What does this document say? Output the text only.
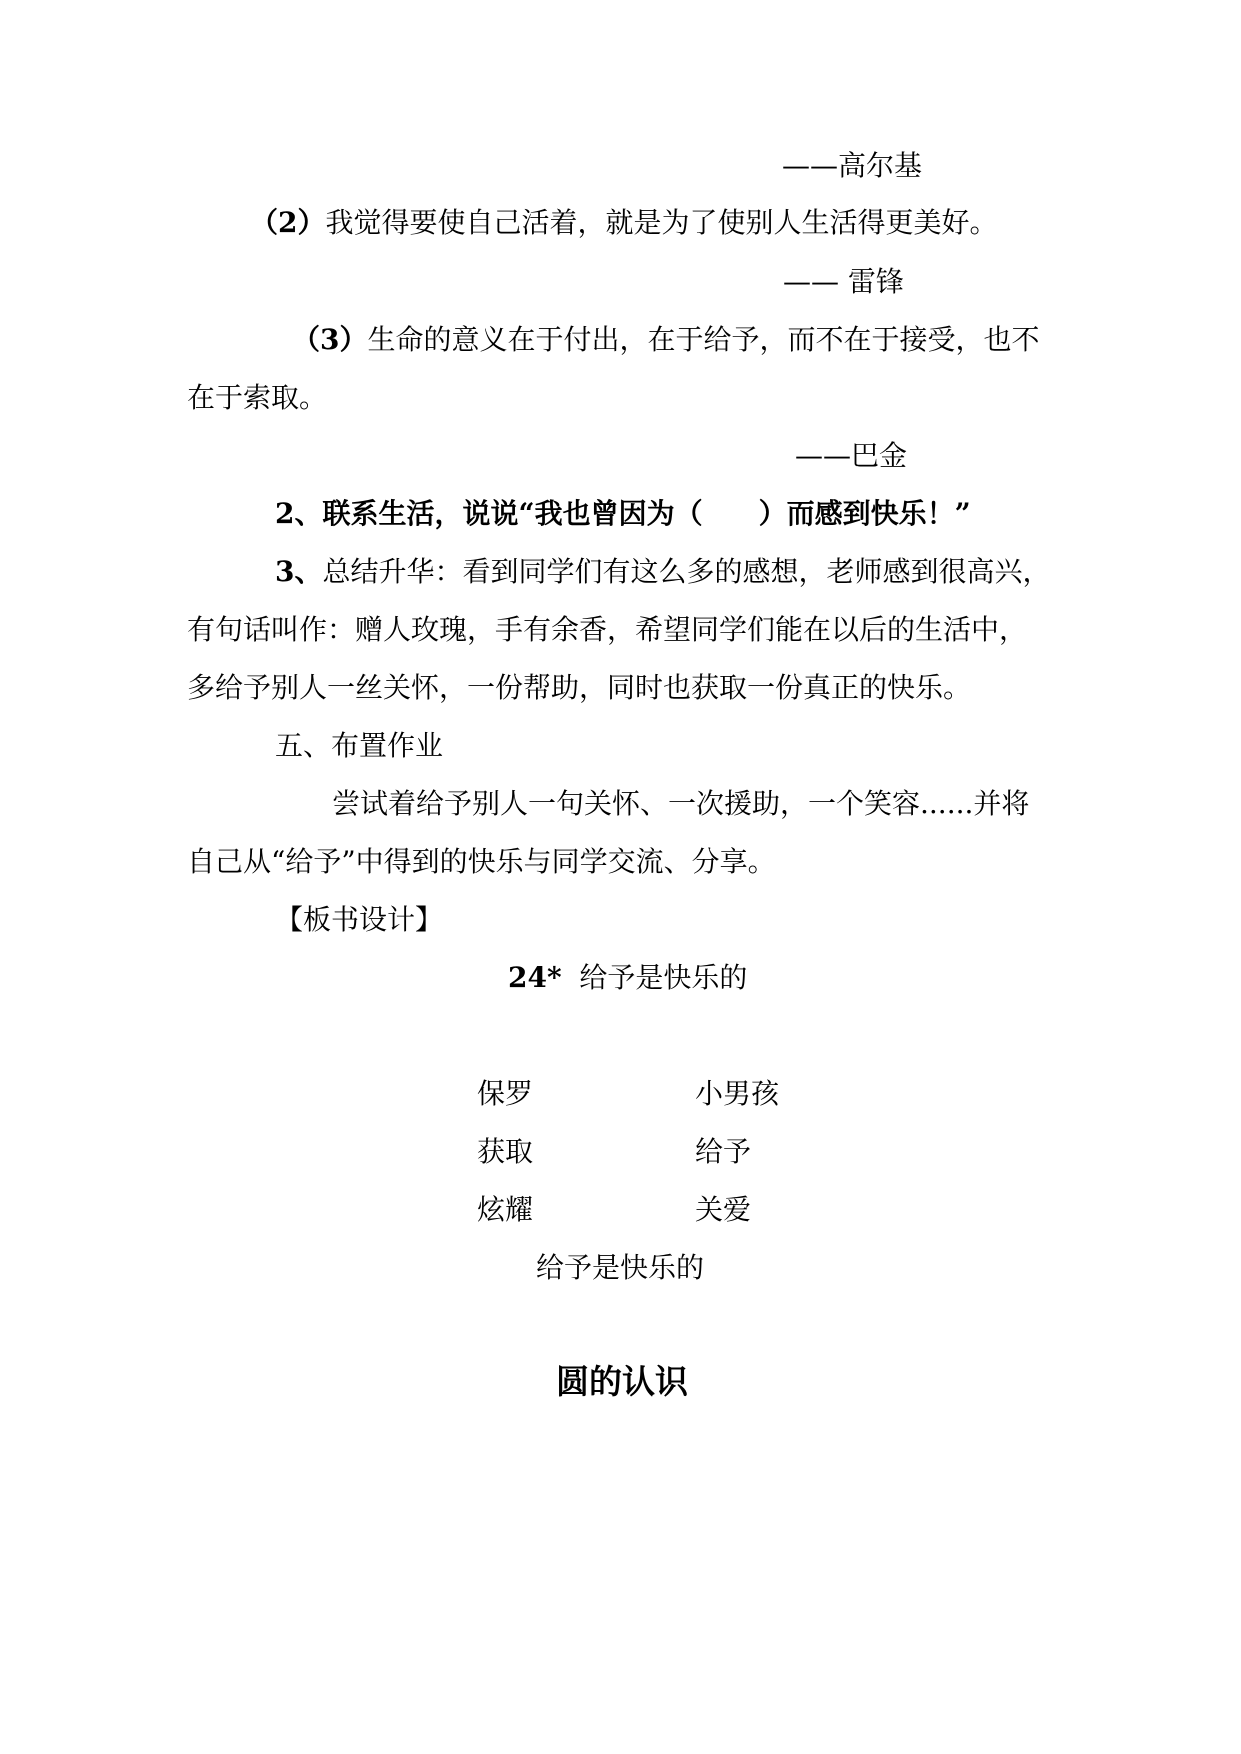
——高尔基
（2）我觉得要使自己活着，就是为了使别人生活得更美好。
—— 雷锋
（3）生命的意义在于付出，在于给予，而不在于接受，也不
在于索取。
——巴金
2、联系生活，说说“我也曾因为（　　）而感到快乐！”
3、总结升华：看到同学们有这么多的感想，老师感到很高兴，
有句话叫作：赠人玫瑰，手有余香，希望同学们能在以后的生活中，
多给予别人一丝关怀，一份帮助，同时也获取一份真正的快乐。
五、布置作业
尝试着给予别人一句关怀、一次援助，一个笑容......并将
自己从“给予”中得到的快乐与同学交流、分享。
【板书设计】
24* 给予是快乐的
保罗	小男孩
获取	给予
炫耀	关爱
给予是快乐的
圆的认识
